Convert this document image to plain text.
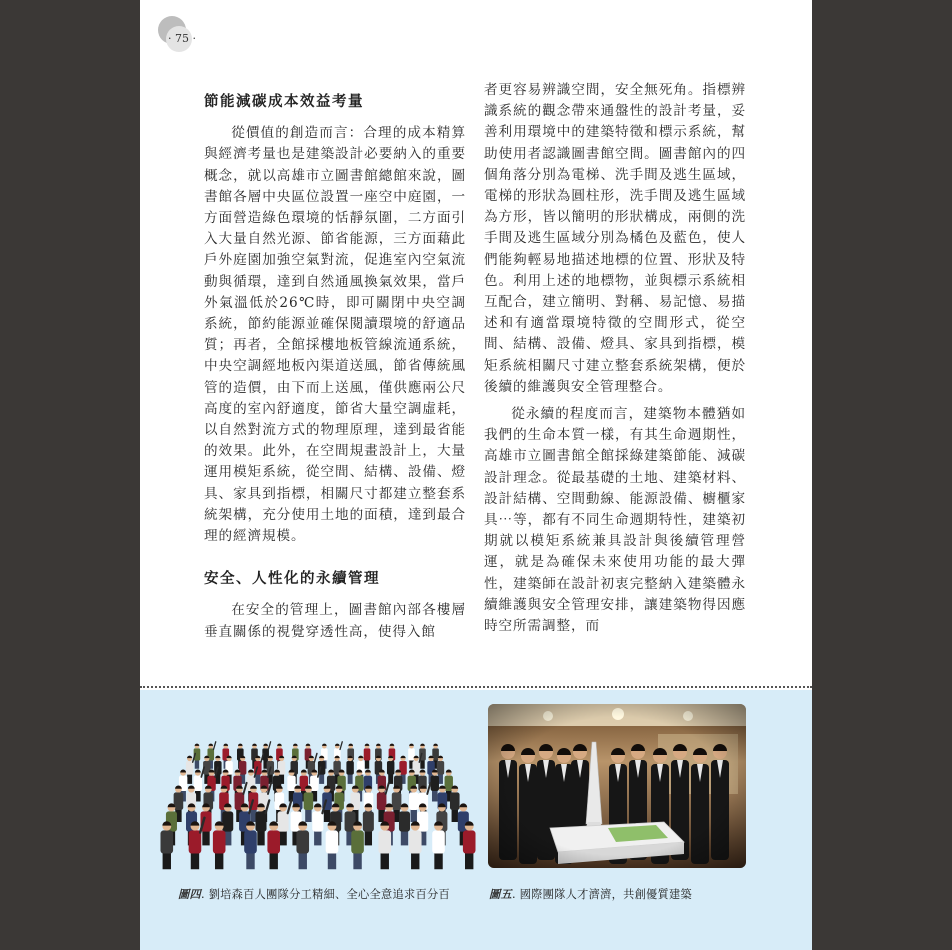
· 75 ·
節能減碳成本效益考量

從價值的創造而言：合理的成本精算與經濟考量也是建築設計必要納入的重要概念，就以高雄市立圖書館總館來說，圖書館各層中央區位設置一座空中庭園，一方面營造綠色環境的恬靜氛圍，二方面引入大量自然光源、節省能源，三方面藉此戶外庭園加強空氣對流，促進室內空氣流動與循環，達到自然通風換氣效果，當戶外氣溫低於26℃時，即可關閉中央空調系統，節約能源並確保閱讀環境的舒適品質；再者，全館採樓地板管線流通系統，中央空調經地板內渠道送風，節省傳統風管的造價，由下而上送風，僅供應兩公尺高度的室內舒適度，節省大量空調虛耗，以自然對流方式的物理原理，達到最省能的效果。此外，在空間規畫設計上，大量運用模矩系統，從空間、結構、設備、燈具、家具到指標，相關尺寸都建立整套系統架構，充分使用土地的面積，達到最合理的經濟規模。

安全、人性化的永續管理

在安全的管理上，圖書館內部各樓層垂直關係的視覺穿透性高，使得入館

者更容易辨識空間，安全無死角。指標辨識系統的觀念帶來通盤性的設計考量，妥善利用環境中的建築特徵和標示系統，幫助使用者認識圖書館空間。圖書館內的四個角落分別為電梯、洗手間及逃生區域，電梯的形狀為圓柱形，洗手間及逃生區域為方形，皆以簡明的形狀構成，兩側的洗手間及逃生區域分別為橘色及藍色，使人們能夠輕易地描述地標的位置、形狀及特色。利用上述的地標物，並與標示系統相互配合，建立簡明、對稱、易記憶、易描述和有適當環境特徵的空間形式，從空間、結構、設備、燈具、家具到指標，模矩系統相關尺寸建立整套系統架構，便於後續的維護與安全管理整合。

從永續的程度而言，建築物本體猶如我們的生命本質一樣，有其生命週期性，高雄市立圖書館全館採綠建築節能、減碳設計理念。從最基礎的土地、建築材料、設計結構、空間動線、能源設備、櫥櫃家具⋯等，都有不同生命週期特性，建築初期就以模矩系統兼具設計與後續管理營運，就是為確保未來使用功能的最大彈性，建築師在設計初衷完整納入建築體永續維護與安全管理安排，讓建築物得因應時空所需調整，而

圖四. 劉培森百人團隊分工精細、全心全意追求百分百	圖五. 國際團隊人才濟濟，共創優質建築
